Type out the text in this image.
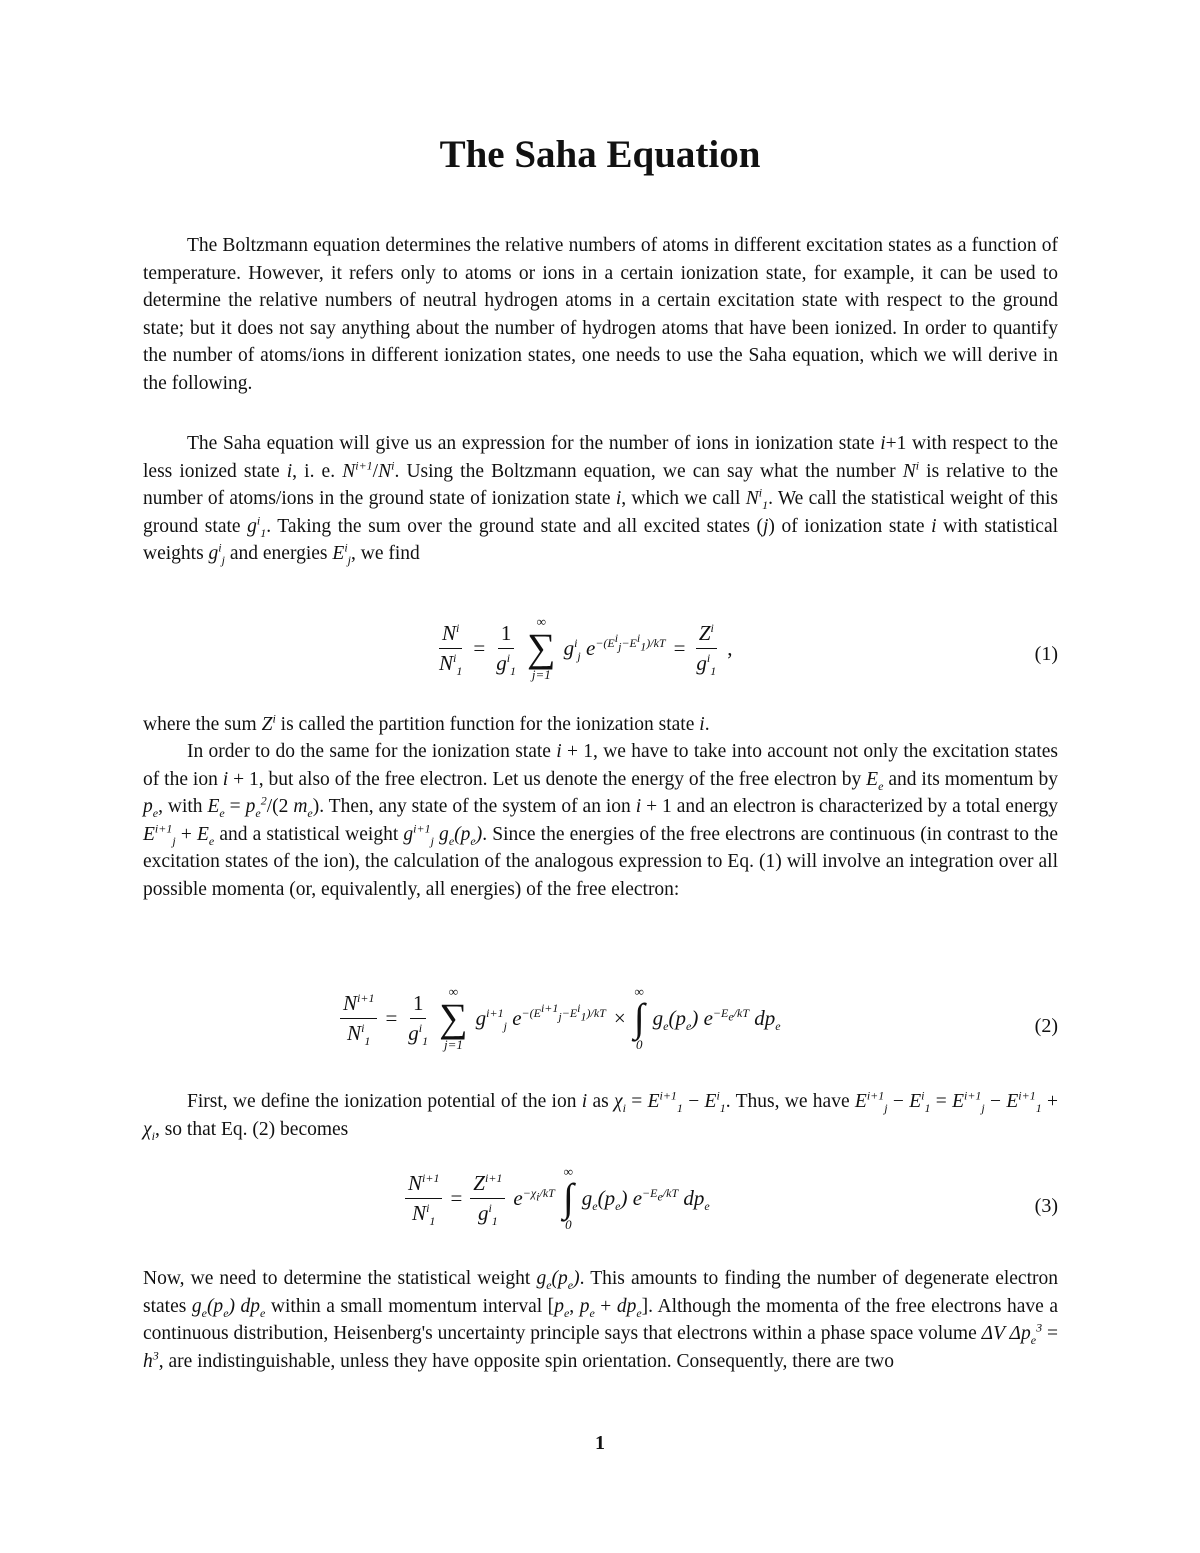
The Saha Equation

The Boltzmann equation determines the relative numbers of atoms in different excitation states as a function of temperature. However, it refers only to atoms or ions in a certain ionization state, for example, it can be used to determine the relative numbers of neutral hydrogen atoms in a certain excitation state with respect to the ground state; but it does not say anything about the number of hydrogen atoms that have been ionized. In order to quantify the number of atoms/ions in different ionization states, one needs to use the Saha equation, which we will derive in the following.

The Saha equation will give us an expression for the number of ions in ionization state i+1 with respect to the less ionized state i, i. e. $N^{i+1}/N^i$. Using the Boltzmann equation, we can say what the number $N^i$ is relative to the number of atoms/ions in the ground state of ionization state i, which we call $N^i_1$. We call the statistical weight of this ground state $g^i_1$. Taking the sum over the ground state and all excited states (j) of ionization state i with statistical weights $g^i_j$ and energies $E^i_j$, we find

$\frac{N^i}{N^i_1} = \frac{1}{g^i_1}$ ∞
∑
j=1
$g^i_j$ $e^{-(E^i_j-E^i_1)/kT} = \frac{Z^i}{g^i_1}$ ,	(1)

where the sum $Z^i$ is called the partition function for the ionization state i.

In order to do the same for the ionization state i + 1, we have to take into account not only the excitation states of the ion i + 1, but also of the free electron. Let us denote the energy of the free electron by $E_e$ and its momentum by $p_e$, with $E_e = p_e^2/(2$ $m_e$). Then, any state of the system of an ion i + 1 and an electron is characterized by a total energy $E^{i+1}_j + E_e$ and a statistical weight $g^{i+1}_j$ $g_e(p_e)$. Since the energies of the free electrons are continuous (in contrast to the excitation states of the ion), the calculation of the analogous expression to Eq. (1) will involve an integration over all possible momenta (or, equivalently, all energies) of the free electron:

$\frac{N^{i+1}}{N^i_1} = \frac{1}{g^i_1}$ ∞
∑
j=1
$g^{i+1}_j$ $e^{-(E^{i+1}_j-E^i_1)/kT}$ ×
∞
∫
0
$g_e(p_e)$ $e^{-E_e/kT}$ $dp_e$	(2)

First, we define the ionization potential of the ion i as $\chi_i = E^{i+1}_1 - E^i_1$. Thus, we have $E^{i+1}_j - E^i_1 = E^{i+1}_j - E^{i+1}_1 + \chi_i$, so that Eq. (2) becomes

$\frac{N^{i+1}}{N^i_1} = \frac{Z^{i+1}}{g^i_1} e^{-\chi_i/kT}$
∞
∫
0
$g_e(p_e)$ $e^{-E_e/kT}$ $dp_e$	(3)

Now, we need to determine the statistical weight $g_e(p_e)$. This amounts to finding the number of degenerate electron states $g_e(p_e)$ $dp_e$ within a small momentum interval [$p_e$, $p_e + dp_e$]. Although the momenta of the free electrons have a continuous distribution, Heisenberg's uncertainty principle says that electrons within a phase space volume ΔV $\Delta p_e^3 = h^3$, are indistinguishable, unless they have opposite spin orientation. Consequently, there are two

1
